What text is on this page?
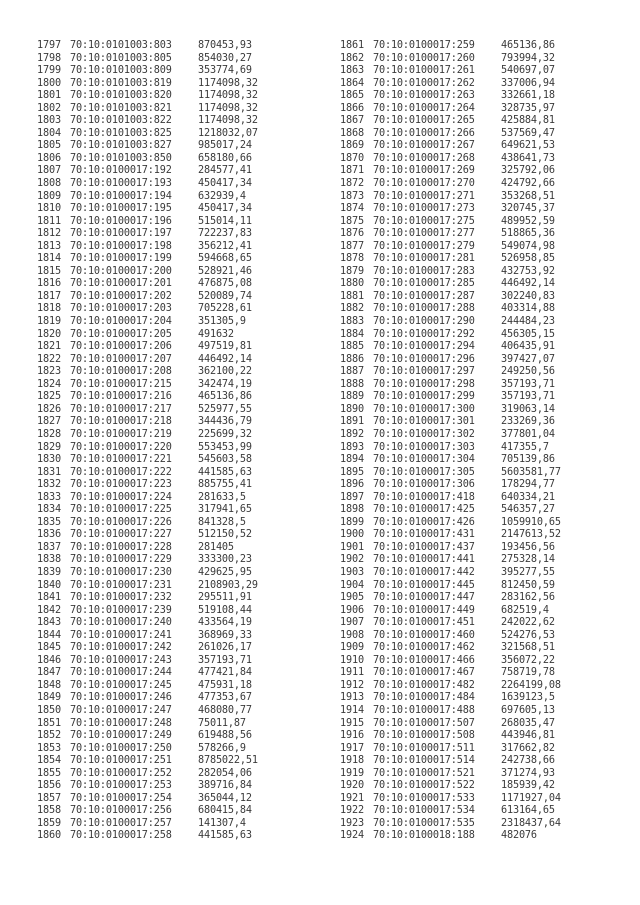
1797 70:10:0101003:803	870453,93
1798 70:10:0101003:805	854030,27
1799 70:10:0101003:809	353774,69
1800 70:10:0101003:819	1174098,32
1801 70:10:0101003:820	1174098,32
1802 70:10:0101003:821	1174098,32
1803 70:10:0101003:822	1174098,32
1804 70:10:0101003:825	1218032,07
1805 70:10:0101003:827	985017,24
1806 70:10:0101003:850	658180,66
1807 70:10:0100017:192	284577,41
1808 70:10:0100017:193	450417,34
1809 70:10:0100017:194	632939,4
1810 70:10:0100017:195	450417,34
1811 70:10:0100017:196	515014,11
1812 70:10:0100017:197	722237,83
1813 70:10:0100017:198	356212,41
1814 70:10:0100017:199	594668,65
1815 70:10:0100017:200	528921,46
1816 70:10:0100017:201	476875,08
1817 70:10:0100017:202	520089,74
1818 70:10:0100017:203	705228,61
1819 70:10:0100017:204	351305,9
1820 70:10:0100017:205	491632
1821 70:10:0100017:206	497519,81
1822 70:10:0100017:207	446492,14
1823 70:10:0100017:208	362100,22
1824 70:10:0100017:215	342474,19
1825 70:10:0100017:216	465136,86
1826 70:10:0100017:217	525977,55
1827 70:10:0100017:218	344436,79
1828 70:10:0100017:219	225699,32
1829 70:10:0100017:220	553453,99
1830 70:10:0100017:221	545603,58
1831 70:10:0100017:222	441585,63
1832 70:10:0100017:223	885755,41
1833 70:10:0100017:224	281633,5
1834 70:10:0100017:225	317941,65
1835 70:10:0100017:226	841328,5
1836 70:10:0100017:227	512150,52
1837 70:10:0100017:228	281405
1838 70:10:0100017:229	333300,23
1839 70:10:0100017:230	429625,95
1840 70:10:0100017:231	2108903,29
1841 70:10:0100017:232	295511,91
1842 70:10:0100017:239	519108,44
1843 70:10:0100017:240	433564,19
1844 70:10:0100017:241	368969,33
1845 70:10:0100017:242	261026,17
1846 70:10:0100017:243	357193,71
1847 70:10:0100017:244	477421,84
1848 70:10:0100017:245	475931,18
1849 70:10:0100017:246	477353,67
1850 70:10:0100017:247	468080,77
1851 70:10:0100017:248	75011,87
1852 70:10:0100017:249	619488,56
1853 70:10:0100017:250	578266,9
1854 70:10:0100017:251	8785022,51
1855 70:10:0100017:252	282054,06
1856 70:10:0100017:253	389716,84
1857 70:10:0100017:254	365044,12
1858 70:10:0100017:256	680415,84
1859 70:10:0100017:257	141307,4
1860 70:10:0100017:258	441585,63
1861 70:10:0100017:259	465136,86
1862 70:10:0100017:260	793994,32
1863 70:10:0100017:261	540697,07
1864 70:10:0100017:262	337006,94
1865 70:10:0100017:263	332661,18
1866 70:10:0100017:264	328735,97
1867 70:10:0100017:265	425884,81
1868 70:10:0100017:266	537569,47
1869 70:10:0100017:267	649621,53
1870 70:10:0100017:268	438641,73
1871 70:10:0100017:269	325792,06
1872 70:10:0100017:270	424792,66
1873 70:10:0100017:271	353268,51
1874 70:10:0100017:273	320745,37
1875 70:10:0100017:275	489952,59
1876 70:10:0100017:277	518865,36
1877 70:10:0100017:279	549074,98
1878 70:10:0100017:281	526958,85
1879 70:10:0100017:283	432753,92
1880 70:10:0100017:285	446492,14
1881 70:10:0100017:287	302240,83
1882 70:10:0100017:288	403314,88
1883 70:10:0100017:290	244484,23
1884 70:10:0100017:292	456305,15
1885 70:10:0100017:294	406435,91
1886 70:10:0100017:296	397427,07
1887 70:10:0100017:297	249250,56
1888 70:10:0100017:298	357193,71
1889 70:10:0100017:299	357193,71
1890 70:10:0100017:300	319063,14
1891 70:10:0100017:301	233269,36
1892 70:10:0100017:302	377801,04
1893 70:10:0100017:303	417355,7
1894 70:10:0100017:304	705139,86
1895 70:10:0100017:305	5603581,77
1896 70:10:0100017:306	178294,77
1897 70:10:0100017:418	640334,21
1898 70:10:0100017:425	546357,27
1899 70:10:0100017:426	1059910,65
1900 70:10:0100017:431	2147613,52
1901 70:10:0100017:437	193456,56
1902 70:10:0100017:441	275328,14
1903 70:10:0100017:442	395277,55
1904 70:10:0100017:445	812450,59
1905 70:10:0100017:447	283162,56
1906 70:10:0100017:449	682519,4
1907 70:10:0100017:451	242022,62
1908 70:10:0100017:460	524276,53
1909 70:10:0100017:462	321568,51
1910 70:10:0100017:466	356072,22
1911 70:10:0100017:467	758719,78
1912 70:10:0100017:482	2264199,08
1913 70:10:0100017:484	1639123,5
1914 70:10:0100017:488	697605,13
1915 70:10:0100017:507	268035,47
1916 70:10:0100017:508	443946,81
1917 70:10:0100017:511	317662,82
1918 70:10:0100017:514	242738,66
1919 70:10:0100017:521	371274,93
1920 70:10:0100017:522	185939,42
1921 70:10:0100017:533	1171927,04
1922 70:10:0100017:534	613164,65
1923 70:10:0100017:535	2318437,64
1924 70:10:0100018:188	482076
